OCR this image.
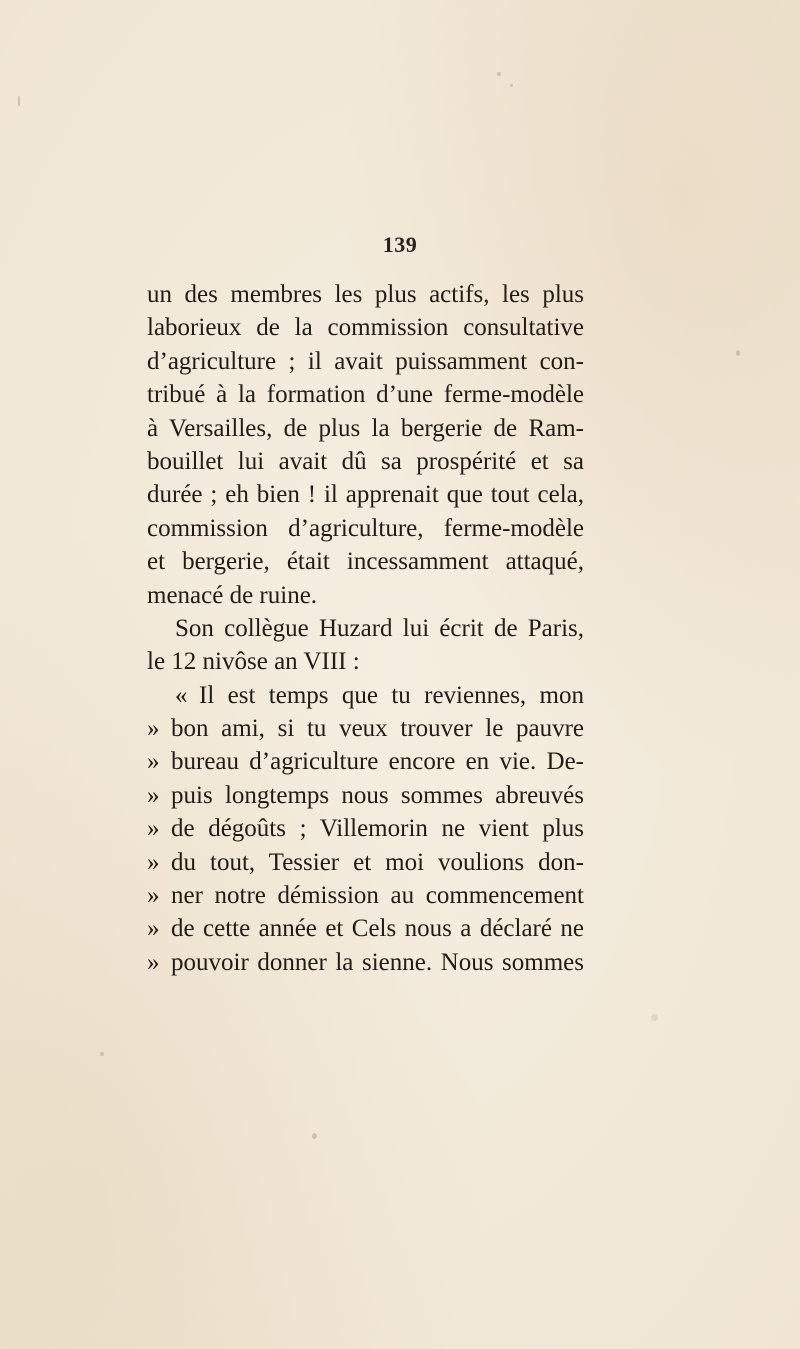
139
un des membres les plus actifs, les plus
laborieux de la commission consultative
d’agriculture ; il avait puissamment con-
tribué à la formation d’une ferme-modèle
à Versailles, de plus la bergerie de Ram-
bouillet lui avait dû sa prospérité et sa
durée ; eh bien ! il apprenait que tout cela,
commission d’agriculture, ferme-modèle
et bergerie, était incessamment attaqué,
menacé de ruine.
Son collègue Huzard lui écrit de Paris,
le 12 nivôse an VIII :
« Il est temps que tu reviennes, mon
» bon ami, si tu veux trouver le pauvre
» bureau d’agriculture encore en vie. De-
» puis longtemps nous sommes abreuvés
» de dégoûts ; Villemorin ne vient plus
» du tout, Tessier et moi voulions don-
» ner notre démission au commencement
» de cette année et Cels nous a déclaré ne
» pouvoir donner la sienne. Nous sommes
